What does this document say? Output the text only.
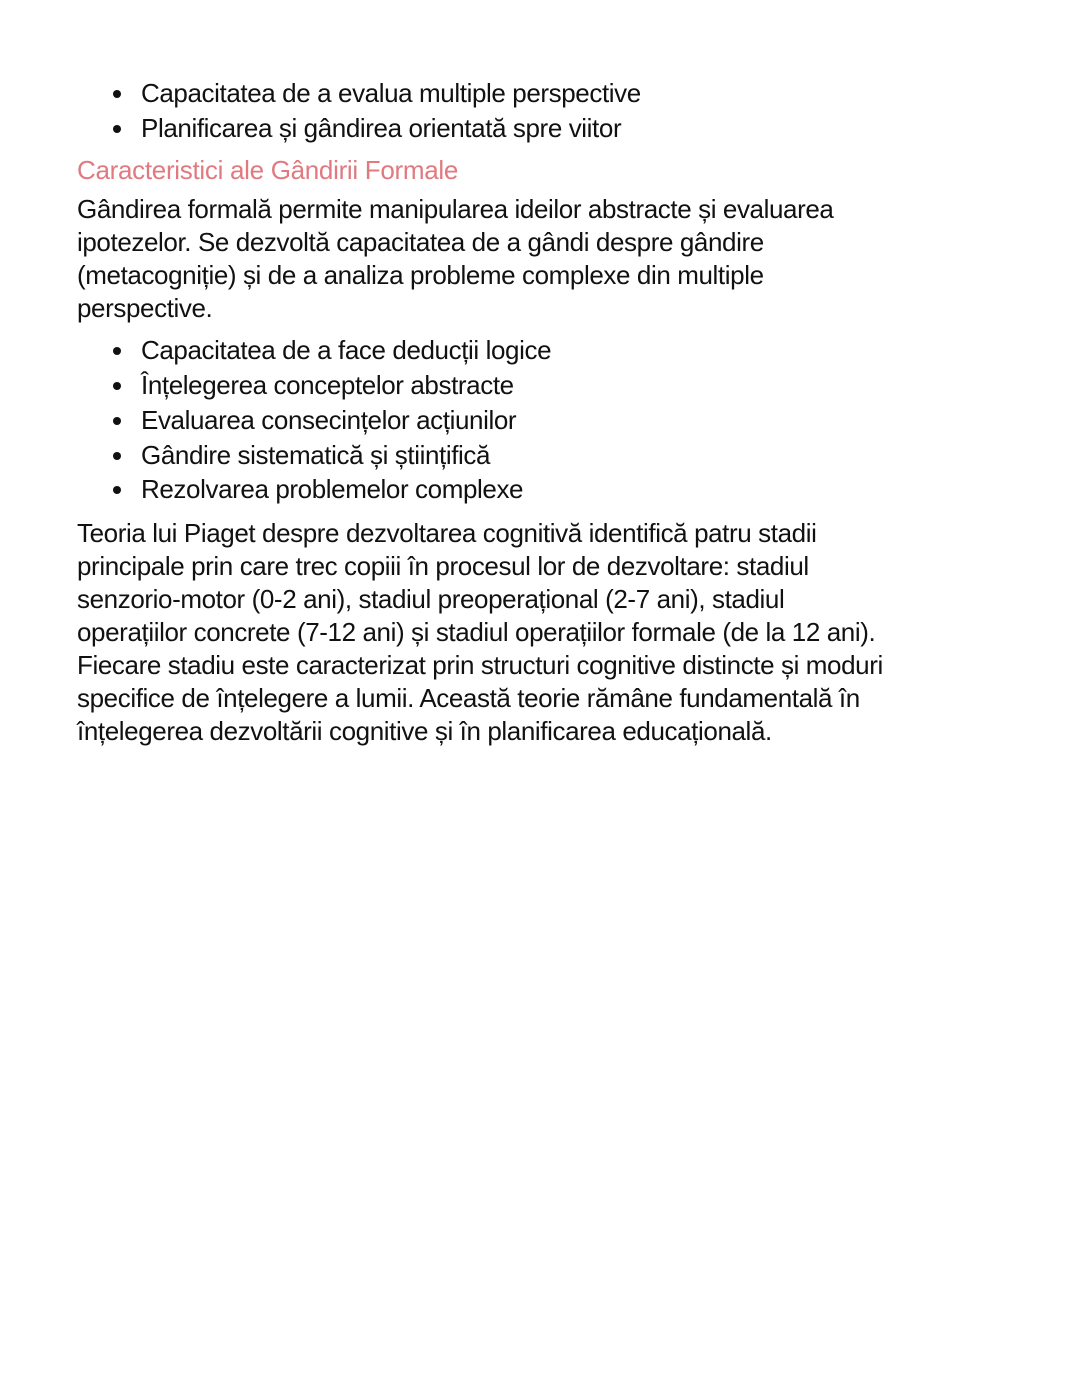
Capacitatea de a evalua multiple perspective
Planificarea și gândirea orientată spre viitor
Caracteristici ale Gândirii Formale
Gândirea formală permite manipularea ideilor abstracte și evaluarea
ipotezelor. Se dezvoltă capacitatea de a gândi despre gândire
(metacogniție) și de a analiza probleme complexe din multiple
perspective.
Capacitatea de a face deducții logice
Înțelegerea conceptelor abstracte
Evaluarea consecințelor acțiunilor
Gândire sistematică și științifică
Rezolvarea problemelor complexe
Teoria lui Piaget despre dezvoltarea cognitivă identifică patru stadii
principale prin care trec copiii în procesul lor de dezvoltare: stadiul
senzorio-motor (0-2 ani), stadiul preoperațional (2-7 ani), stadiul
operațiilor concrete (7-12 ani) și stadiul operațiilor formale (de la 12 ani).
Fiecare stadiu este caracterizat prin structuri cognitive distincte și moduri
specifice de înțelegere a lumii. Această teorie rămâne fundamentală în
înțelegerea dezvoltării cognitive și în planificarea educațională.
